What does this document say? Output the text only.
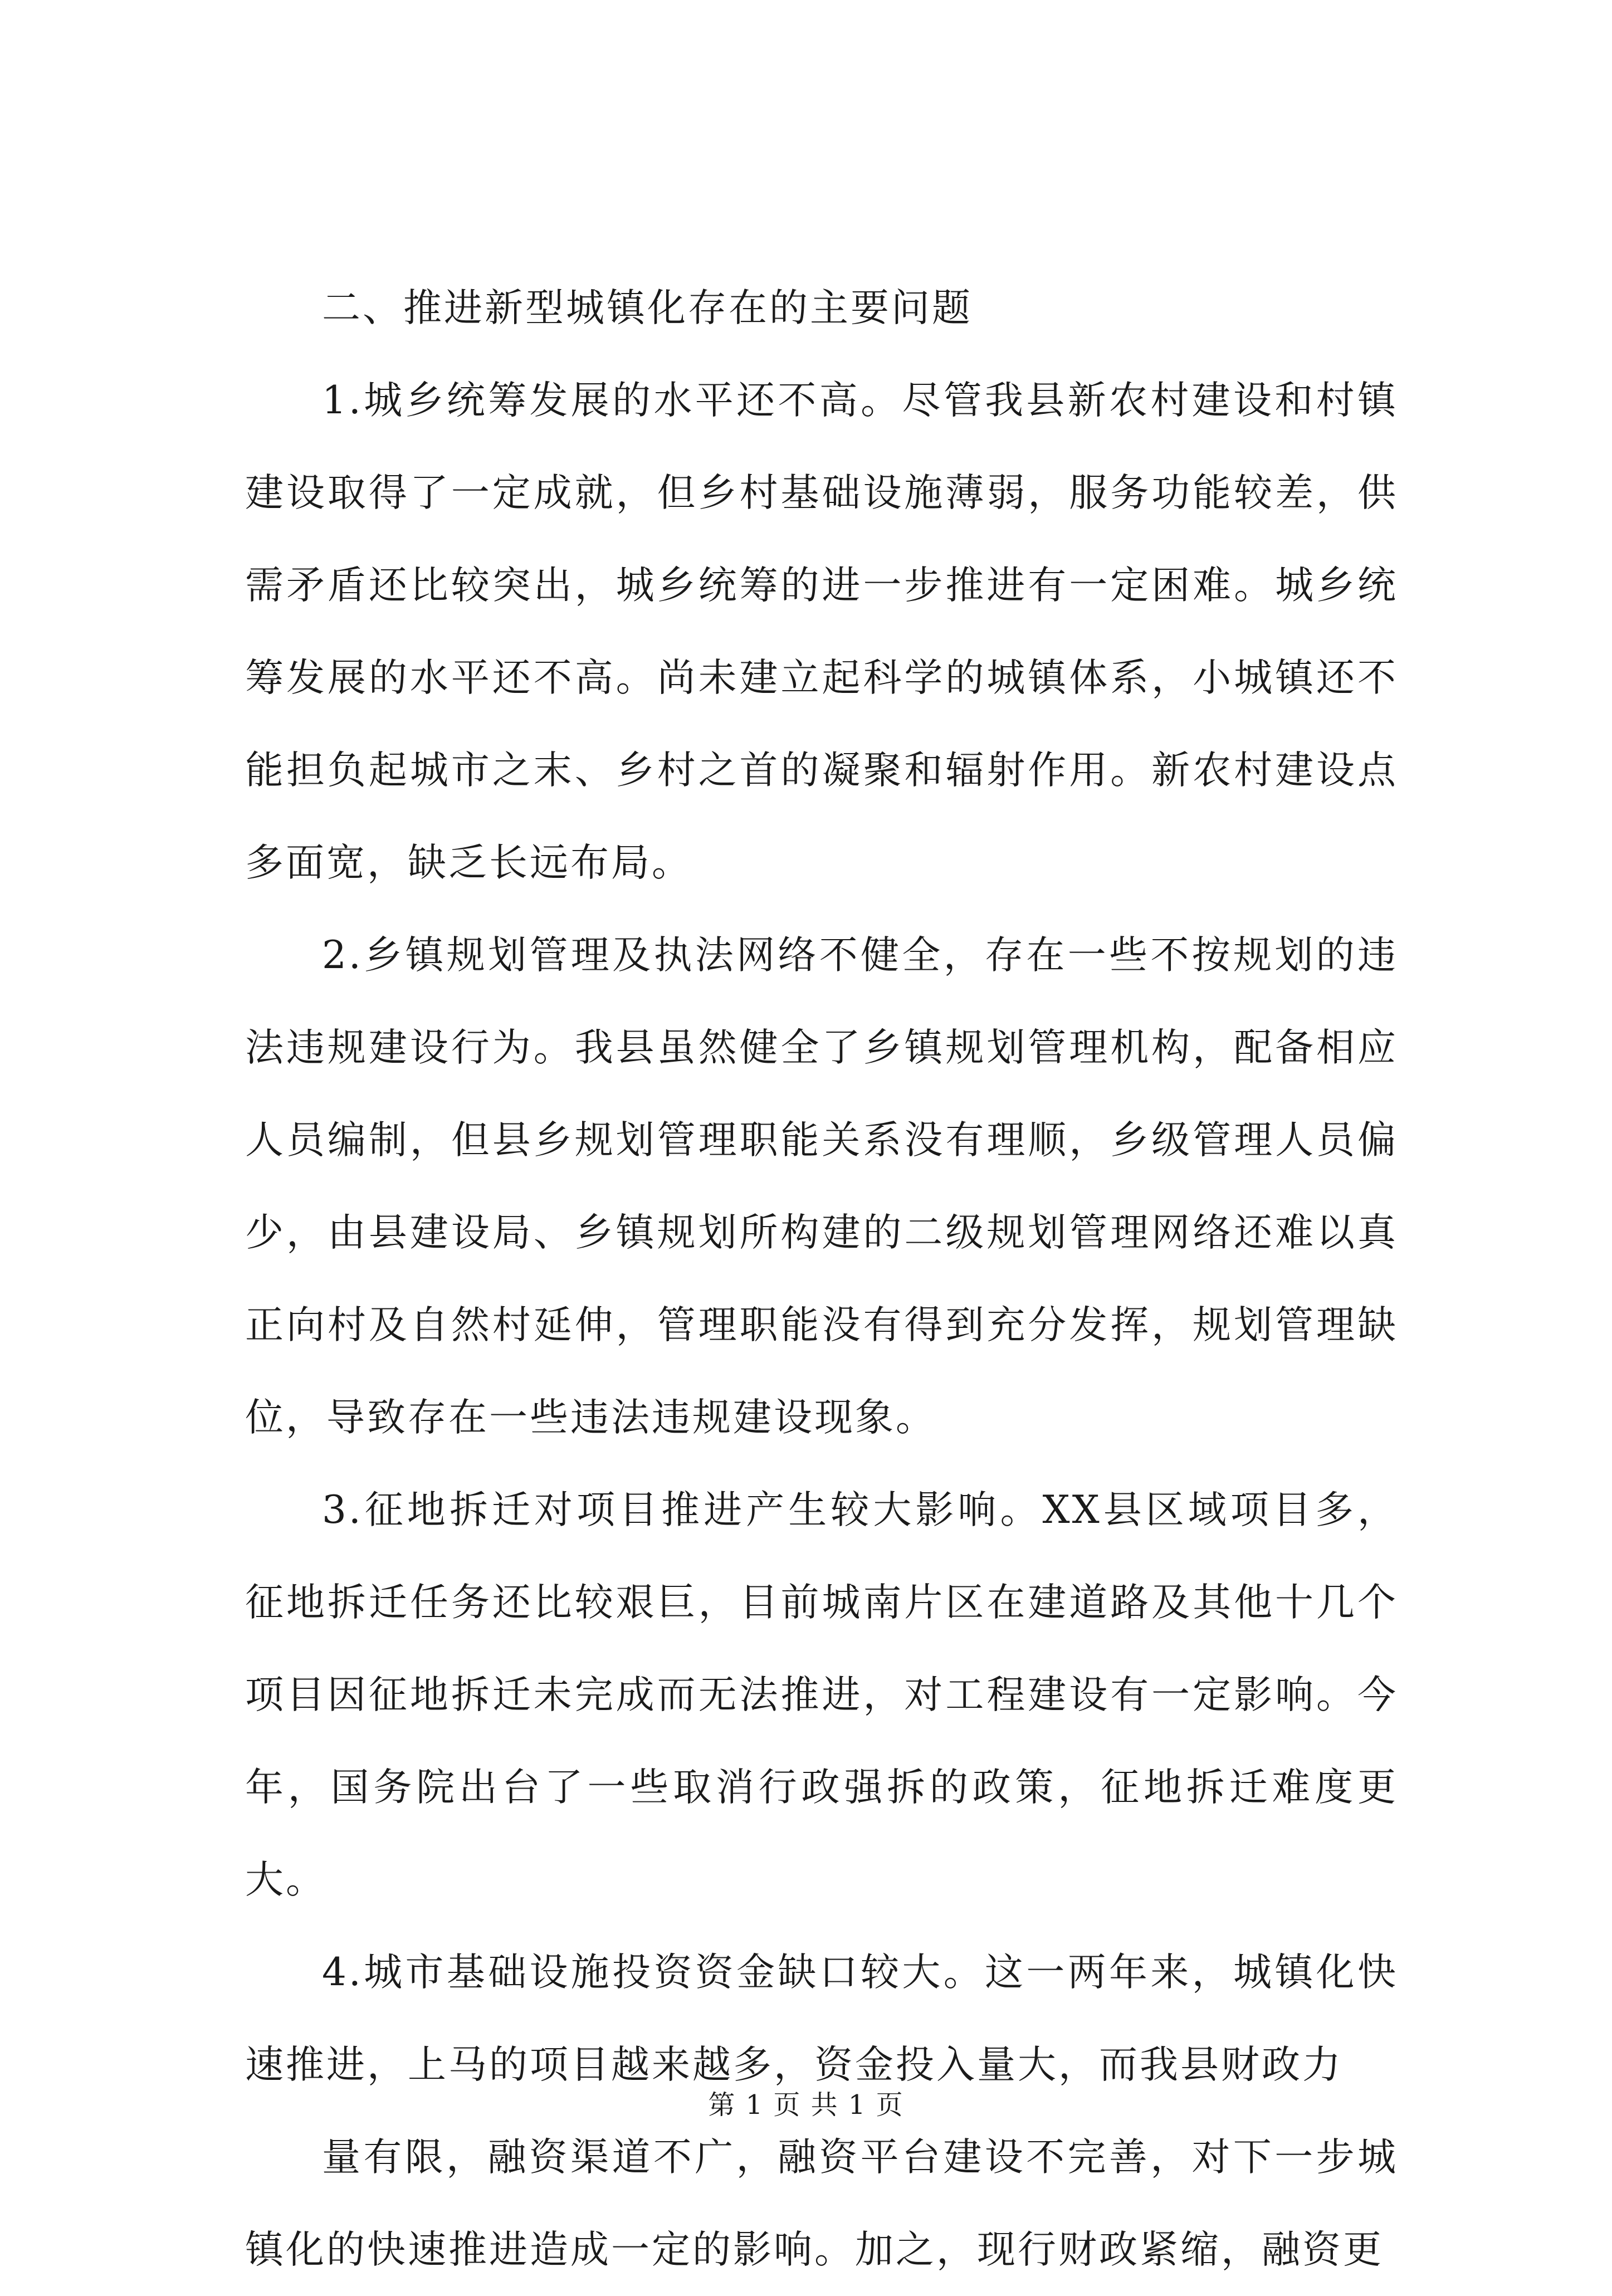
二、推进新型城镇化存在的主要问题

1.城乡统筹发展的水平还不高。尽管我县新农村建设和村镇建设取得了一定成就，但乡村基础设施薄弱，服务功能较差，供需矛盾还比较突出，城乡统筹的进一步推进有一定困难。城乡统筹发展的水平还不高。尚未建立起科学的城镇体系，小城镇还不能担负起城市之末、乡村之首的凝聚和辐射作用。新农村建设点多面宽，缺乏长远布局。

2.乡镇规划管理及执法网络不健全，存在一些不按规划的违法违规建设行为。我县虽然健全了乡镇规划管理机构，配备相应人员编制，但县乡规划管理职能关系没有理顺，乡级管理人员偏少，由县建设局、乡镇规划所构建的二级规划管理网络还难以真正向村及自然村延伸，管理职能没有得到充分发挥，规划管理缺位，导致存在一些违法违规建设现象。

3.征地拆迁对项目推进产生较大影响。XX县区域项目多，征地拆迁任务还比较艰巨，目前城南片区在建道路及其他十几个项目因征地拆迁未完成而无法推进，对工程建设有一定影响。今年，国务院出台了一些取消行政强拆的政策，征地拆迁难度更大。

4.城市基础设施投资资金缺口较大。这一两年来，城镇化快速推进，上马的项目越来越多，资金投入量大，而我县财政力

量有限，融资渠道不广，融资平台建设不完善，对下一步城镇化的快速推进造成一定的影响。加之，现行财政紧缩，融资更

第 1 页 共 1 页
